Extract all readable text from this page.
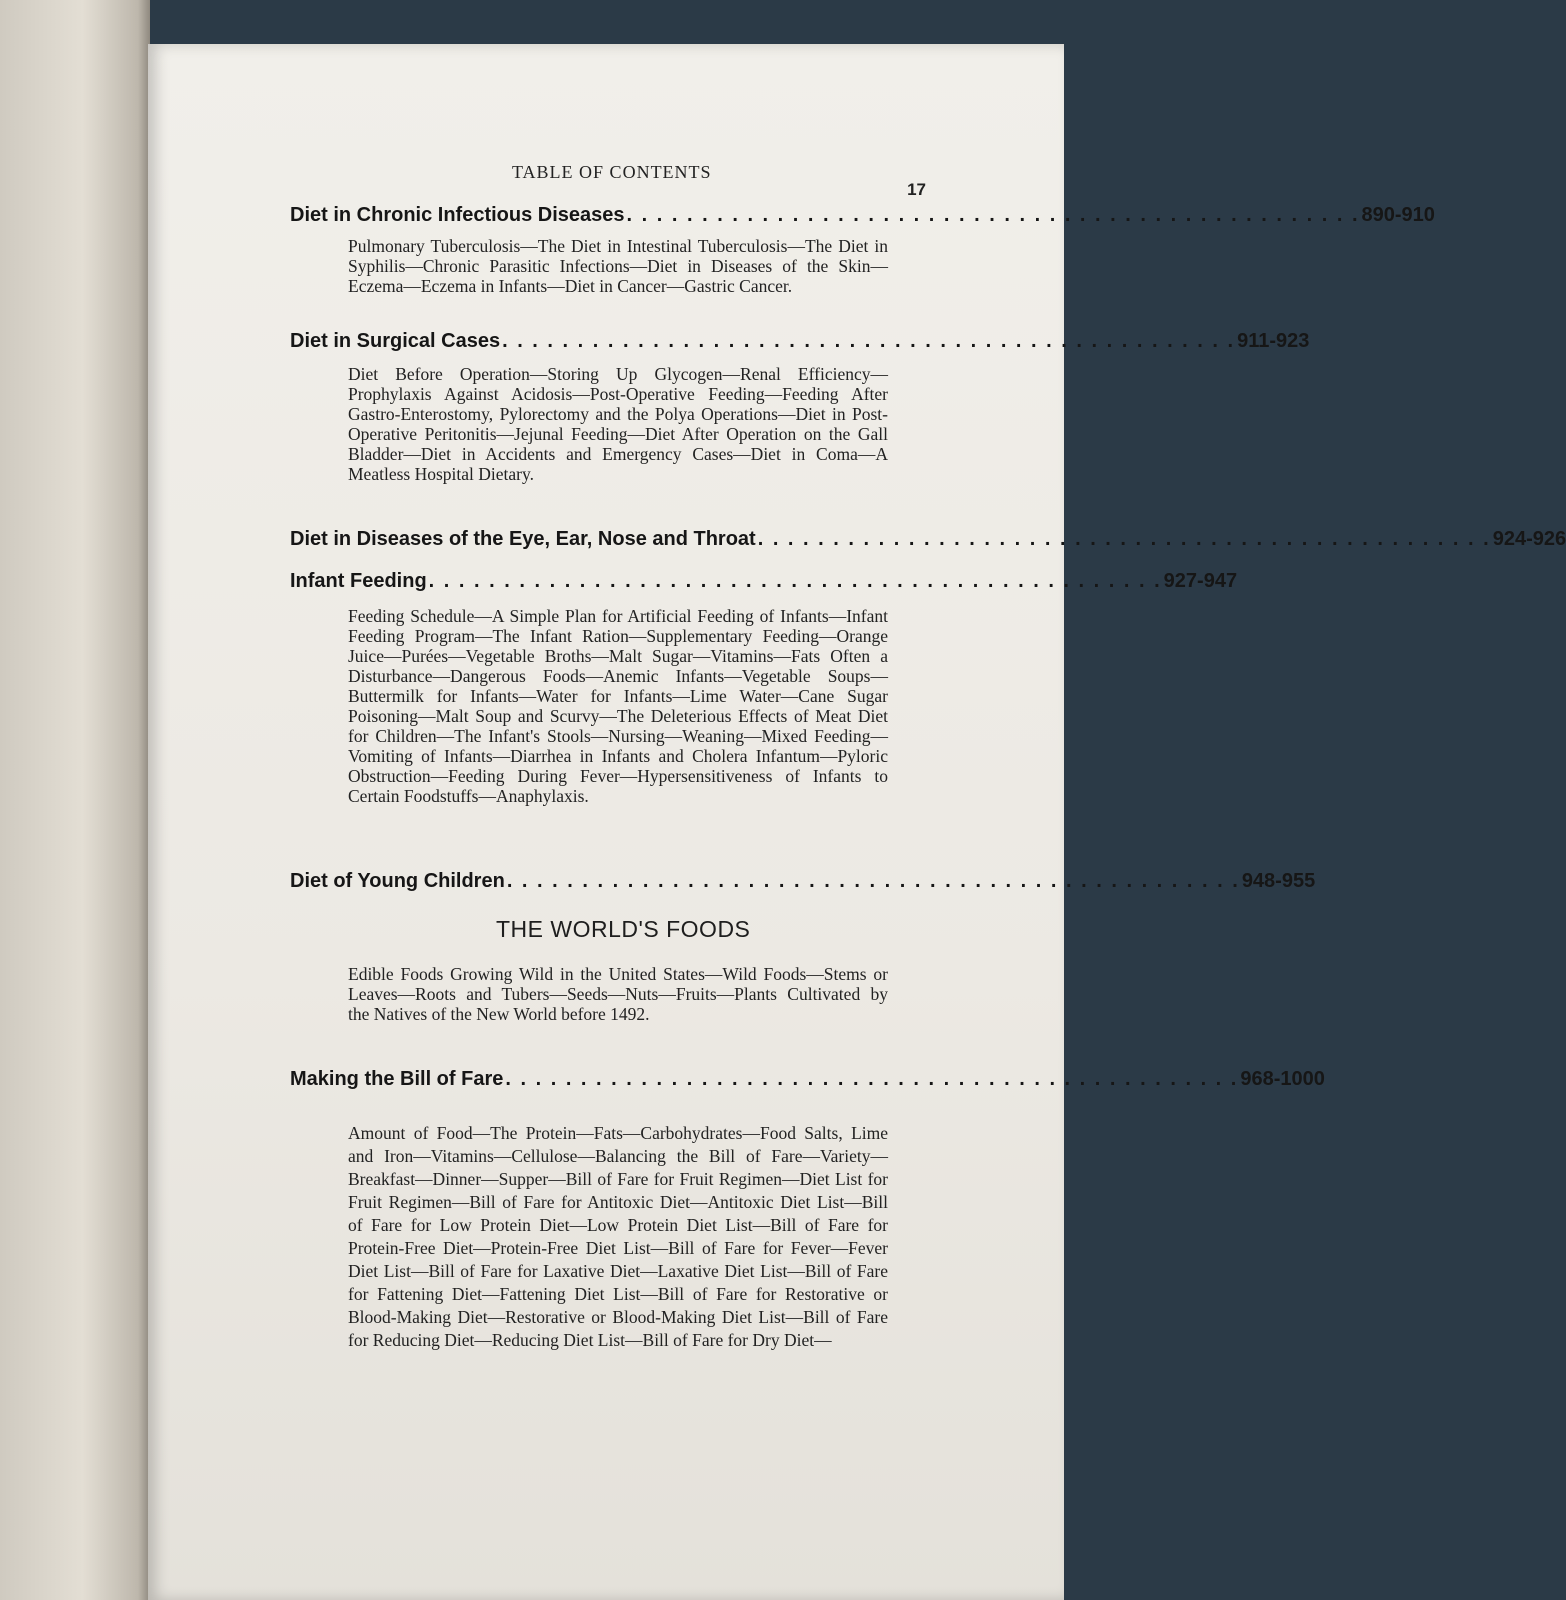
TABLE OF CONTENTS
17
Diet in Chronic Infectious Diseases . . . . . . . . . . . . . . . . . . . . . . . . . . . . . . . . . . . . . . . . . . . . . . . . . 890-910
Pulmonary Tuberculosis—The Diet in Intestinal Tuberculosis—The Diet in Syphilis—Chronic Parasitic Infections—Diet in Diseases of the Skin—Eczema—Eczema in Infants—Diet in Cancer—Gastric Cancer.
Diet in Surgical Cases . . . . . . . . . . . . . . . . . . . . . . . . . . . . . . . . . . . . . . . . . . . . . . . . . 911-923
Diet Before Operation—Storing Up Glycogen—Renal Efficiency—Prophylaxis Against Acidosis—Post-Operative Feeding—Feeding After Gastro-Enterostomy, Pylorectomy and the Polya Operations—Diet in Post-Operative Peritonitis—Jejunal Feeding—Diet After Operation on the Gall Bladder—Diet in Accidents and Emergency Cases—Diet in Coma—A Meatless Hospital Dietary.
Diet in Diseases of the Eye, Ear, Nose and Throat . . . . . . . . . . . . . . . . . . . . . . . . . . . . . . . . . . . . . . . . . . . . . . . . . 924-926
Infant Feeding . . . . . . . . . . . . . . . . . . . . . . . . . . . . . . . . . . . . . . . . . . . . . . . . . 927-947
Feeding Schedule—A Simple Plan for Artificial Feeding of Infants—Infant Feeding Program—The Infant Ration—Supplementary Feeding—Orange Juice—Purées—Vegetable Broths—Malt Sugar—Vitamins—Fats Often a Disturbance—Dangerous Foods—Anemic Infants—Vegetable Soups—Buttermilk for Infants—Water for Infants—Lime Water—Cane Sugar Poisoning—Malt Soup and Scurvy—The Deleterious Effects of Meat Diet for Children—The Infant's Stools—Nursing—Weaning—Mixed Feeding—Vomiting of Infants—Diarrhea in Infants and Cholera Infantum—Pyloric Obstruction—Feeding During Fever—Hypersensitiveness of Infants to Certain Foodstuffs—Anaphylaxis.
Diet of Young Children . . . . . . . . . . . . . . . . . . . . . . . . . . . . . . . . . . . . . . . . . . . . . . . . . 948-955
THE WORLD'S FOODS
Edible Foods Growing Wild in the United States—Wild Foods—Stems or Leaves—Roots and Tubers—Seeds—Nuts—Fruits—Plants Cultivated by the Natives of the New World before 1492.
Making the Bill of Fare . . . . . . . . . . . . . . . . . . . . . . . . . . . . . . . . . . . . . . . . . . . . . . . . . 968-1000
Amount of Food—The Protein—Fats—Carbohydrates—Food Salts, Lime and Iron—Vitamins—Cellulose—Balancing the Bill of Fare—Variety—Breakfast—Dinner—Supper—Bill of Fare for Fruit Regimen—Diet List for Fruit Regimen—Bill of Fare for Antitoxic Diet—Antitoxic Diet List—Bill of Fare for Low Protein Diet—Low Protein Diet List—Bill of Fare for Protein-Free Diet—Protein-Free Diet List—Bill of Fare for Fever—Fever Diet List—Bill of Fare for Laxative Diet—Laxative Diet List—Bill of Fare for Fattening Diet—Fattening Diet List—Bill of Fare for Restorative or Blood-Making Diet—Restorative or Blood-Making Diet List—Bill of Fare for Reducing Diet—Reducing Diet List—Bill of Fare for Dry Diet—
